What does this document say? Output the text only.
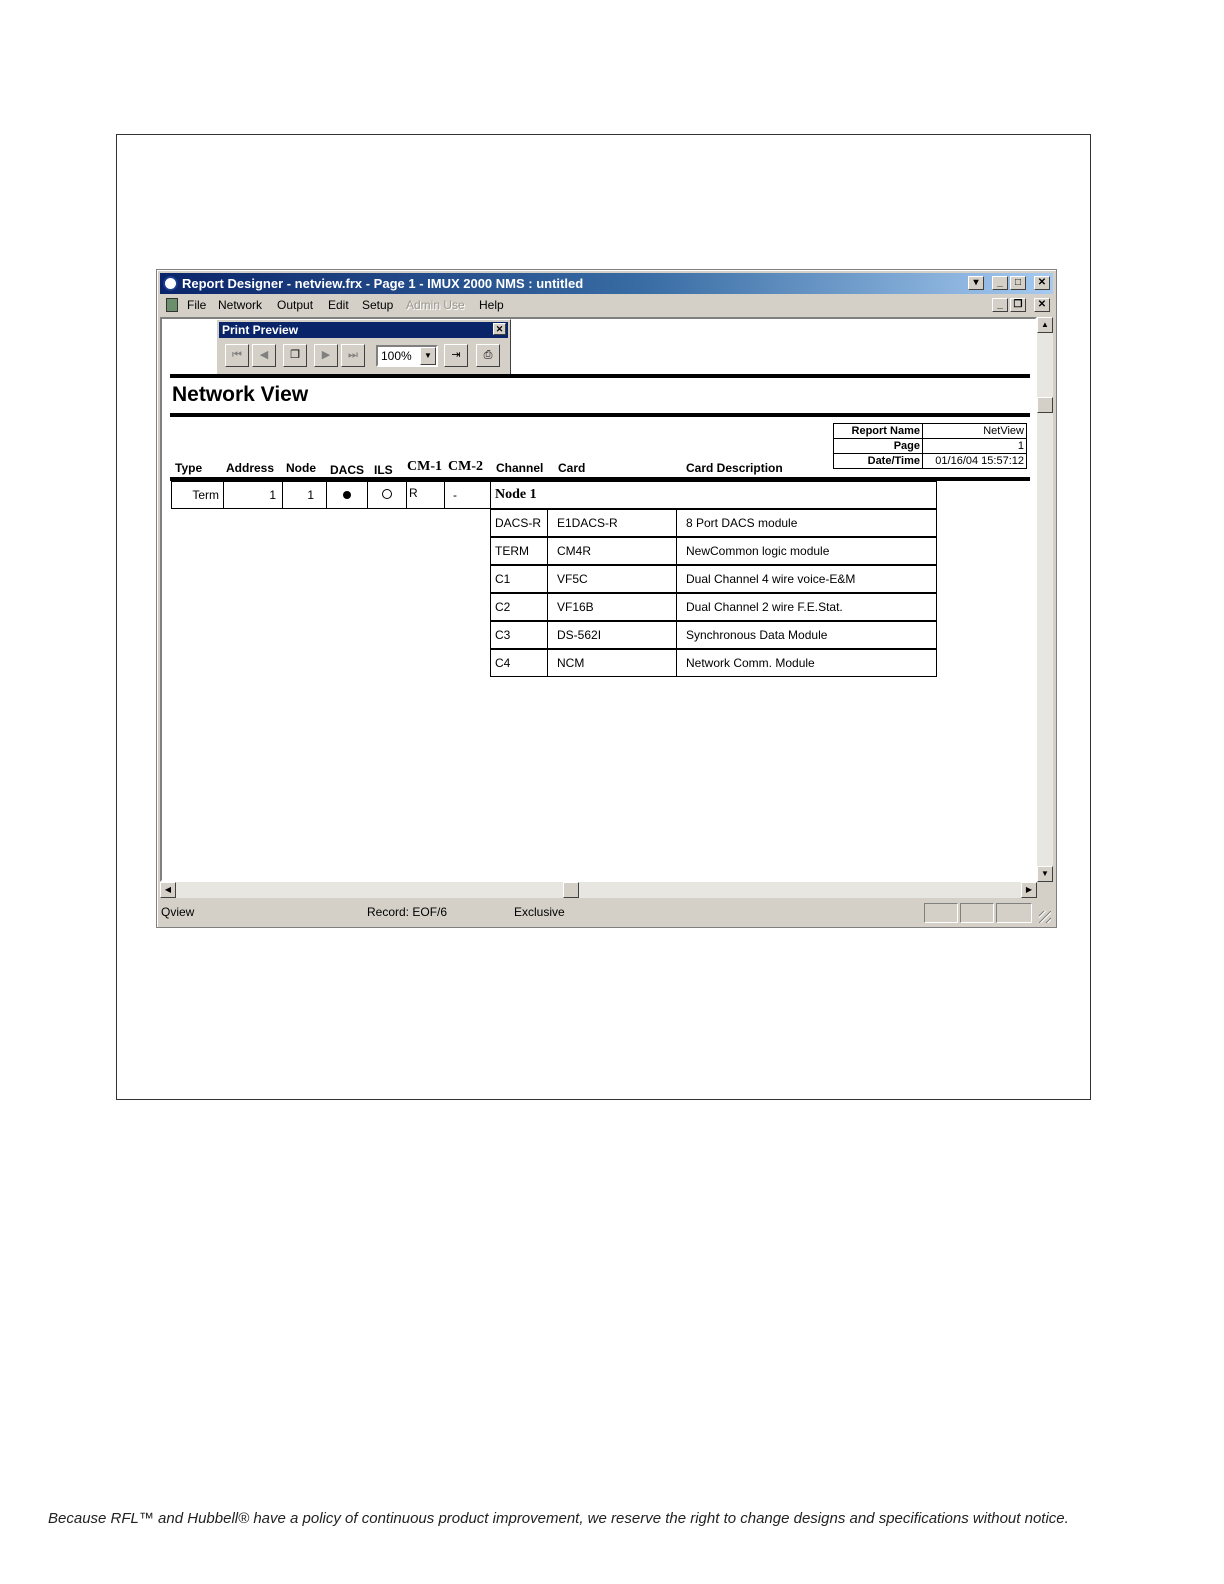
Report Designer - netview.frx - Page 1 - IMUX 2000 NMS : untitled	▾	_	□	✕
File Network Output Edit Setup Admin Use Help	_	❐	✕
▲
▼
◀	▶
Qview	Record: EOF/6	Exclusive
Print Preview	✕
⏮	◀	❐	▶	⏭	100%	▼	⇥	⎙
Network View
Report Name	NetView
Page	1
Date/Time	01/16/04 15:57:12
Type Address Node DACS ILS CM-1 CM-2 Channel Card	Card Description
Term	1	1	R	-	Node 1
DACS-R	E1DACS-R	8 Port DACS module
TERM	CM4R	NewCommon logic module
C1	VF5C	Dual Channel 4 wire voice-E&M
C2	VF16B	Dual Channel 2 wire F.E.Stat.
C3	DS-562I	Synchronous Data Module
C4	NCM	Network Comm. Module
Because RFL™ and Hubbell® have a policy of continuous product improvement, we reserve the right to change designs and specifications without notice.
